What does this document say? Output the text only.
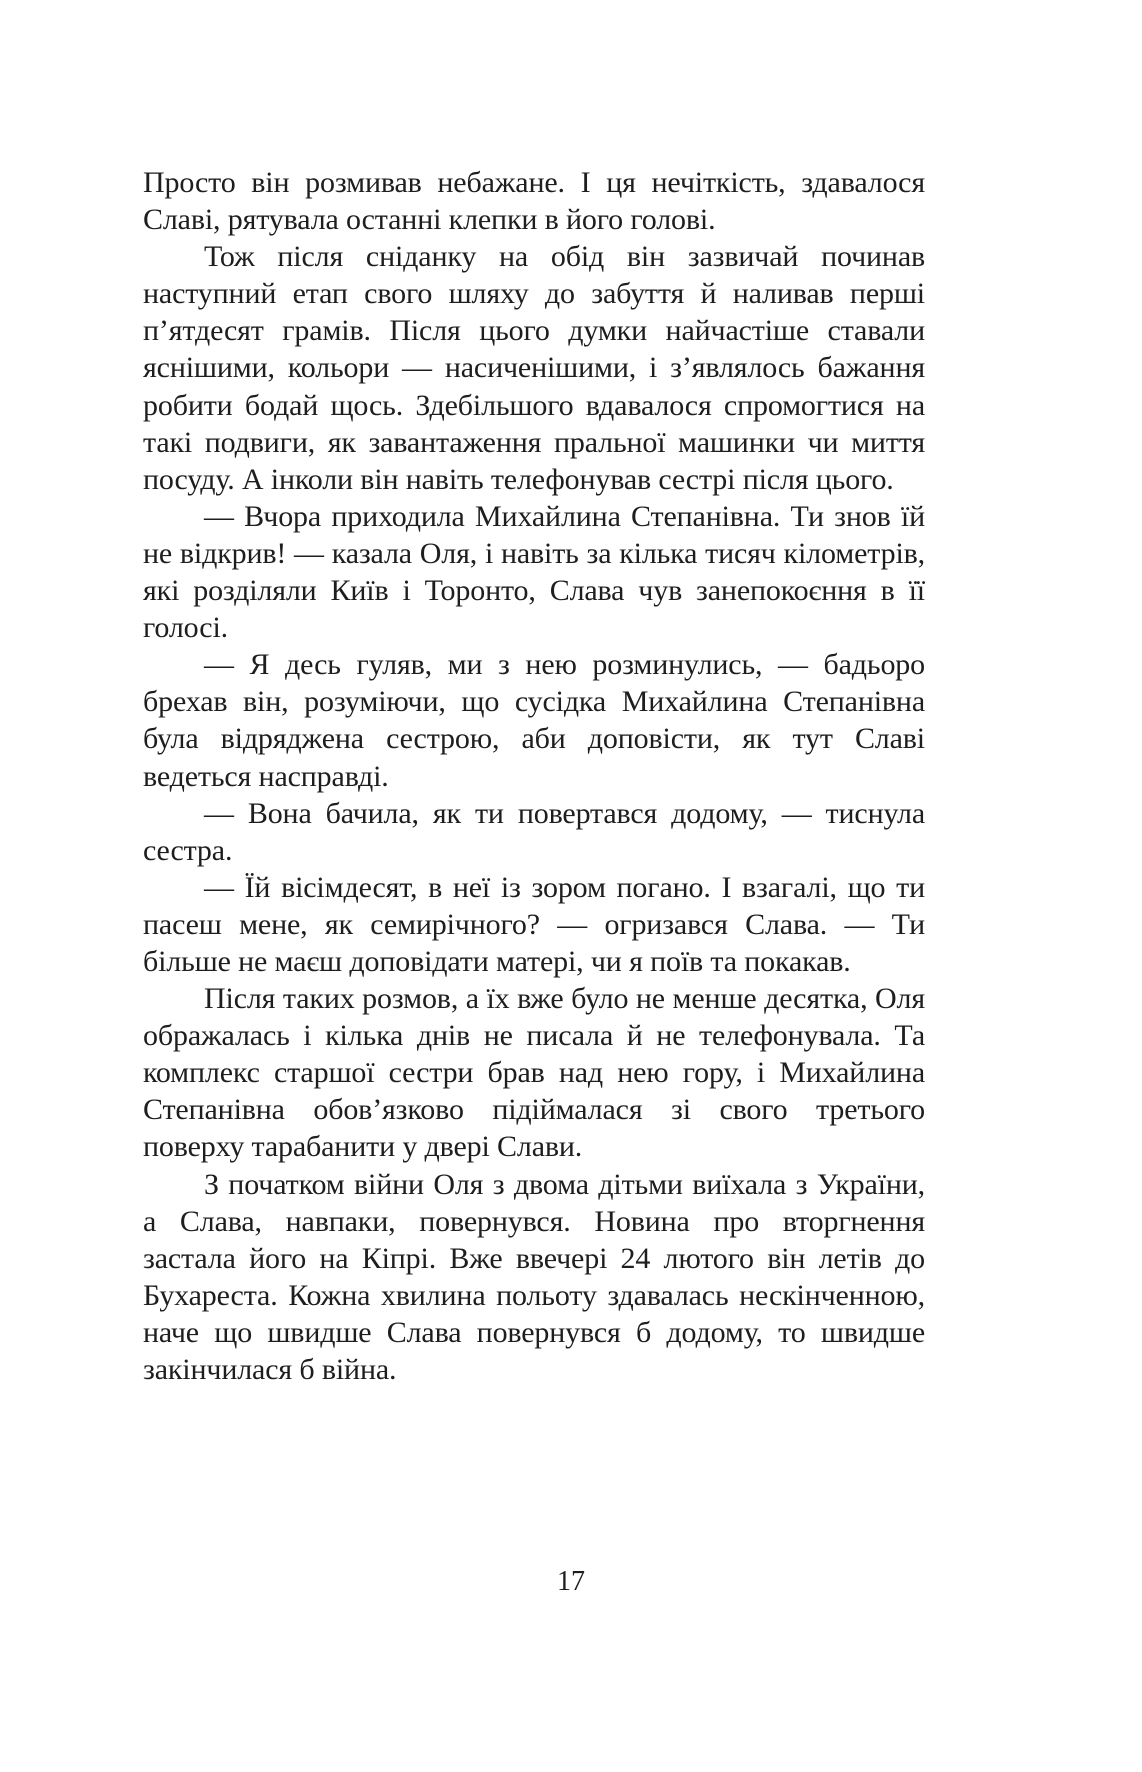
Просто він розмивав небажане. І ця нечіткість, здавалося Славі, рятувала останні клепки в його голові.

Тож після сніданку на обід він зазвичай починав наступний етап свого шляху до забуття й наливав перші п’ятдесят грамів. Після цього думки найчастіше ставали яснішими, кольори — насиченішими, і з’являлось бажання робити бодай щось. Здебільшого вдавалося спромогтися на такі подвиги, як завантаження пральної машинки чи миття посуду. А інколи він навіть телефонував сестрі після цього.

— Вчора приходила Михайлина Степанівна. Ти знов їй не відкрив! — казала Оля, і навіть за кілька тисяч кілометрів, які розділяли Київ і Торонто, Слава чув занепокоєння в її голосі.

— Я десь гуляв, ми з нею розминулись, — бадьоро брехав він, розуміючи, що сусідка Михайлина Степанівна була відряджена сестрою, аби доповісти, як тут Славі ведеться насправді.

— Вона бачила, як ти повертався додому, — тиснула сестра.

— Їй вісімдесят, в неї із зором погано. І взагалі, що ти пасеш мене, як семирічного? — огризався Слава. — Ти більше не маєш доповідати матері, чи я поїв та покакав.

Після таких розмов, а їх вже було не менше десятка, Оля ображалась і кілька днів не писала й не телефонувала. Та комплекс старшої сестри брав над нею гору, і Михайлина Степанівна обов’язково підіймалася зі свого третього поверху тарабанити у двері Слави.

З початком війни Оля з двома дітьми виїхала з України, а Слава, навпаки, повернувся. Новина про вторгнення застала його на Кіпрі. Вже ввечері 24 лютого він летів до Бухареста. Кожна хвилина польоту здавалась нескінченною, наче що швидше Слава повернувся б додому, то швидше закінчилася б війна.

17
